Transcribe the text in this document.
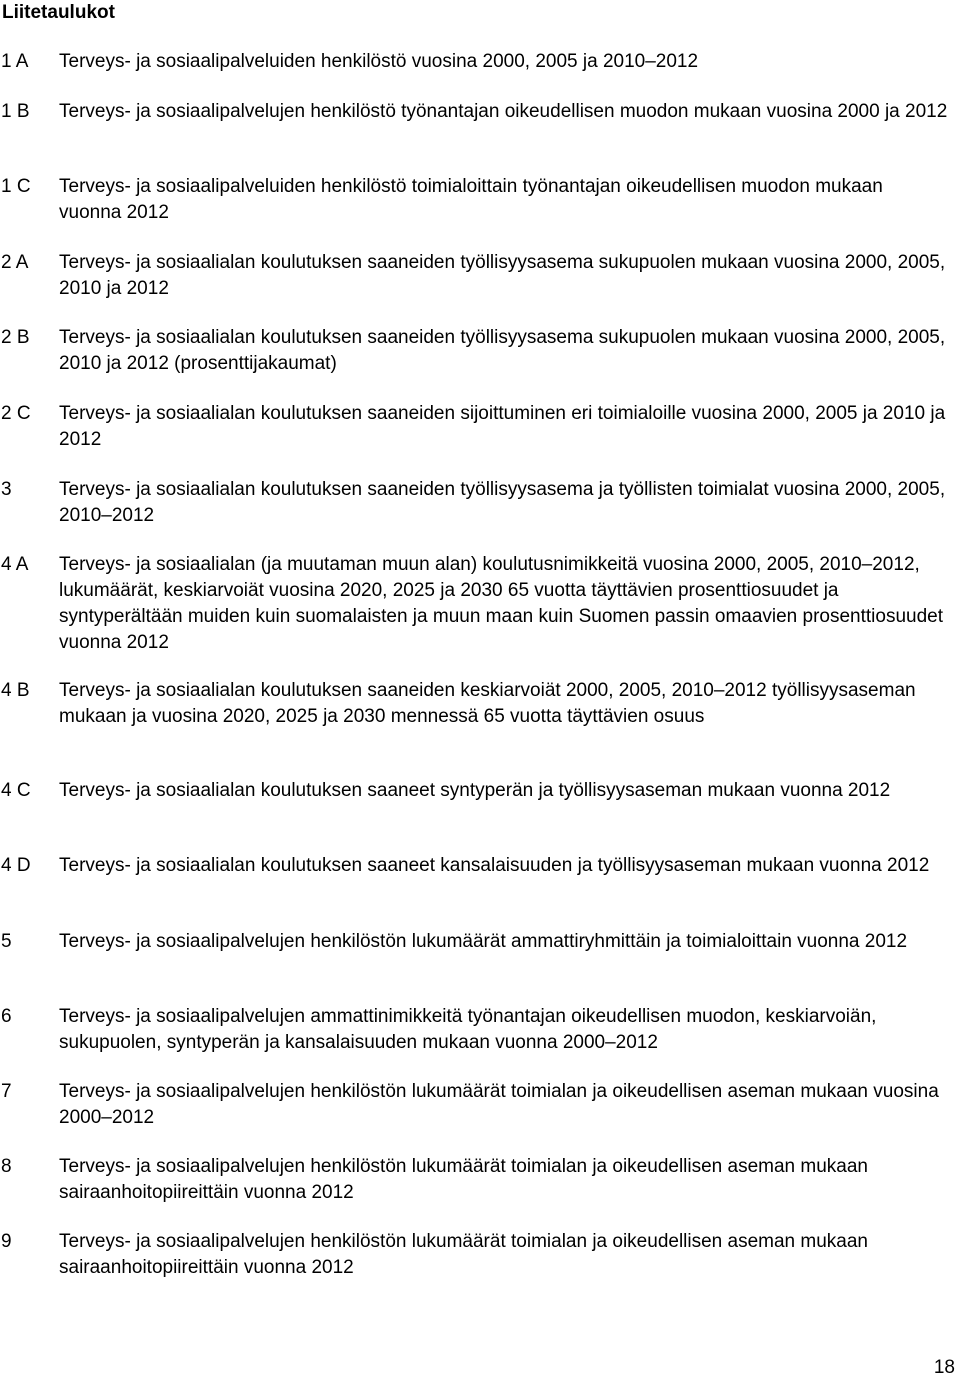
Liitetaulukot
1 A	Terveys- ja sosiaalipalveluiden henkilöstö vuosina 2000, 2005 ja 2010–2012
1 B	Terveys- ja sosiaalipalvelujen henkilöstö työnantajan oikeudellisen muodon mukaan vuosina 2000 ja 2012
1 C	Terveys- ja sosiaalipalveluiden henkilöstö toimialoittain työnantajan oikeudellisen muodon mukaan vuonna 2012
2 A	Terveys- ja sosiaalialan koulutuksen saaneiden työllisyysasema sukupuolen mukaan vuosina 2000, 2005, 2010 ja 2012
2 B	Terveys- ja sosiaalialan koulutuksen saaneiden työllisyysasema sukupuolen mukaan vuosina 2000, 2005, 2010 ja 2012 (prosenttijakaumat)
2 C	Terveys- ja sosiaalialan koulutuksen saaneiden sijoittuminen eri toimialoille vuosina 2000, 2005 ja 2010 ja 2012
3	Terveys- ja sosiaalialan koulutuksen saaneiden työllisyysasema ja työllisten toimialat vuosina 2000, 2005, 2010–2012
4 A	Terveys- ja sosiaalialan (ja muutaman muun alan) koulutusnimikkeitä vuosina 2000, 2005, 2010–2012, lukumäärät, keskiarvoiät vuosina 2020, 2025 ja 2030 65 vuotta täyttävien prosenttiosuudet ja syntyperältään muiden kuin suomalaisten ja muun maan kuin Suomen passin omaavien prosenttiosuudet vuonna 2012
4 B	Terveys- ja sosiaalialan koulutuksen saaneiden keskiarvoiät 2000, 2005, 2010–2012 työllisyysaseman mukaan ja vuosina 2020, 2025 ja 2030 mennessä 65 vuotta täyttävien osuus
4 C	Terveys- ja sosiaalialan koulutuksen saaneet syntyperän ja työllisyysaseman mukaan vuonna 2012
4 D	Terveys- ja sosiaalialan koulutuksen saaneet kansalaisuuden ja työllisyysaseman mukaan vuonna 2012
5	Terveys- ja sosiaalipalvelujen henkilöstön lukumäärät ammattiryhmittäin ja toimialoittain vuonna 2012
6	Terveys- ja sosiaalipalvelujen ammattinimikkeitä työnantajan oikeudellisen muodon, keskiarvoiän, sukupuolen, syntyperän ja kansalaisuuden mukaan vuonna 2000–2012
7	Terveys- ja sosiaalipalvelujen henkilöstön lukumäärät toimialan ja oikeudellisen aseman mukaan vuosina 2000–2012
8	Terveys- ja sosiaalipalvelujen henkilöstön lukumäärät toimialan ja oikeudellisen aseman mukaan sairaanhoitopiireittäin vuonna 2012
9	Terveys- ja sosiaalipalvelujen henkilöstön lukumäärät toimialan ja oikeudellisen aseman mukaan sairaanhoitopiireittäin vuonna 2012
18
